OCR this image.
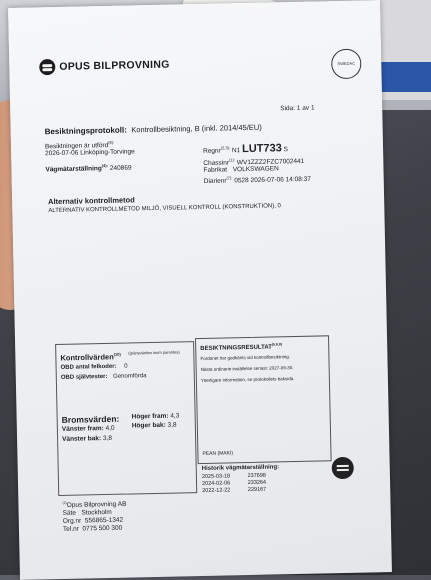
OPUS BILPROVNING	SWEDAC
Sida: 1 av 1
Besiktningsprotokoll: Kontrollbesiktning, B (inkl. 2014/45/EU)
Besiktningen är utförd$^{(8):}$
2026-07-06 Linköping-Torvinge
Vägmätarställning$^{(4):}$ 240869
Regnr$^{(2,3):}$ N1 LUT733 S
Chassinr$^{(1):}$ WV1ZZZ2FZC7002441
Fabrikat VOLKSWAGEN
Diarienr$^{(7):}$ 0528 2026-07-06 14:08:37
Alternativ kontrollmetod
ALTERNATIV KONTROLLMETOD MILJÖ, VISUELL KONTROLL (KONSTRUKTION), 0
Kontrollvärden$^{(10)}$ (gränsvärden inom parentes)
OBD antal felkoder: 0
OBD självtester: Genomförda
Bromsvärden:
Vänster fram: 4,0
Vänster bak: 3,8
Höger fram: 4,3
Höger bak: 3,8
BESIKTNINGSRESULTAT$^{(5,6,9)}$
Fordonet har godkänts vid kontrollbesiktning.
Nästa ordinarie inställelse senast: 2027-09-30.
Ytterligare information, se protokollets baksida.
PEAN (MAKI)
Historik vägmätarställning:
2025-03-18	237698
2024-02-06	233264
2022-12-22	229167
$^{(2)}$Opus Bilprovning AB
Säte   Stockholm
Org.nr  556865-1342
Tel.nr  0775 500 300
